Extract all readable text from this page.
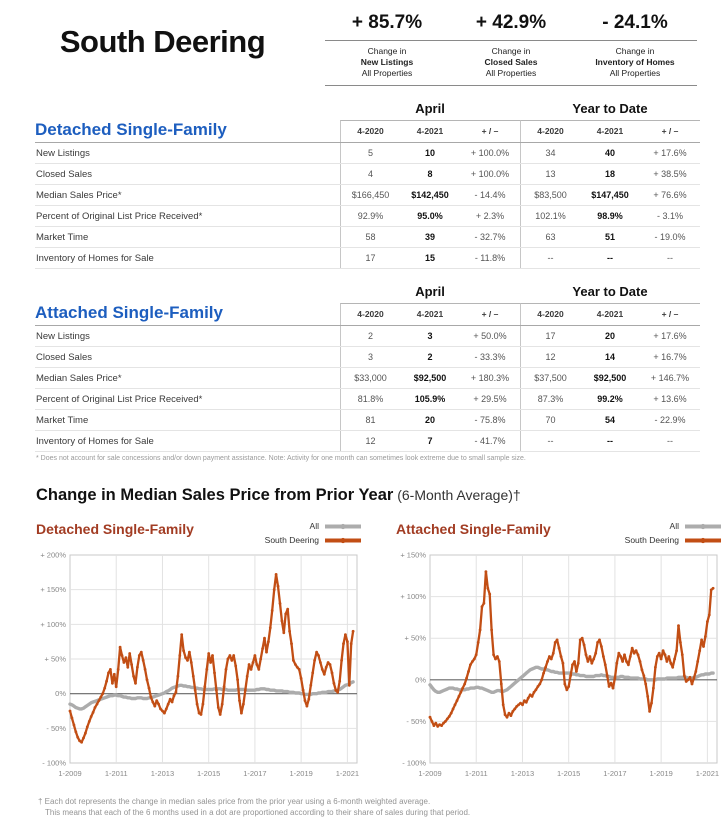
South Deering
+ 85.7%	+ 42.9%	- 24.1%
Change in
New Listings
All Properties
Change in
Closed Sales
All Properties
Change in
Inventory of Homes
All Properties
April	Year to Date
Detached Single-Family	4-2020	4-2021	+ / –	4-2020	4-2021	+ / –
New Listings	5	10	+ 100.0%	34	40	+ 17.6%
Closed Sales	4	8	+ 100.0%	13	18	+ 38.5%
Median Sales Price*	$166,450	$142,450	- 14.4%	$83,500	$147,450	+ 76.6%
Percent of Original List Price Received*	92.9%	95.0%	+ 2.3%	102.1%	98.9%	- 3.1%
Market Time	58	39	- 32.7%	63	51	- 19.0%
Inventory of Homes for Sale	17	15	- 11.8%	--	--	--
April	Year to Date
Attached Single-Family	4-2020	4-2021	+ / –	4-2020	4-2021	+ / –
New Listings	2	3	+ 50.0%	17	20	+ 17.6%
Closed Sales	3	2	- 33.3%	12	14	+ 16.7%
Median Sales Price*	$33,000	$92,500	+ 180.3%	$37,500	$92,500	+ 146.7%
Percent of Original List Price Received*	81.8%	105.9%	+ 29.5%	87.3%	99.2%	+ 13.6%
Market Time	81	20	- 75.8%	70	54	- 22.9%
Inventory of Homes for Sale	12	7	- 41.7%	--	--	--
* Does not account for sale concessions and/or down payment assistance. Note: Activity for one month can sometimes look extreme due to small sample size.
Change in Median Sales Price from Prior Year (6-Month Average)†
Detached Single-Family	All
South Deering
+ 200%
+ 150%
+ 100%
+ 50%
0%
- 50%
- 100%
1-2009	1-2011	1-2013	1-2015	1-2017	1-2019	1-2021
Attached Single-Family	All
South Deering
+ 150%
+ 100%
+ 50%
0%
- 50%
- 100%
1-2009	1-2011	1-2013	1-2015	1-2017	1-2019	1-2021
† Each dot represents the change in median sales price from the prior year using a 6-month weighted average.
This means that each of the 6 months used in a dot are proportioned according to their share of sales during that period.
